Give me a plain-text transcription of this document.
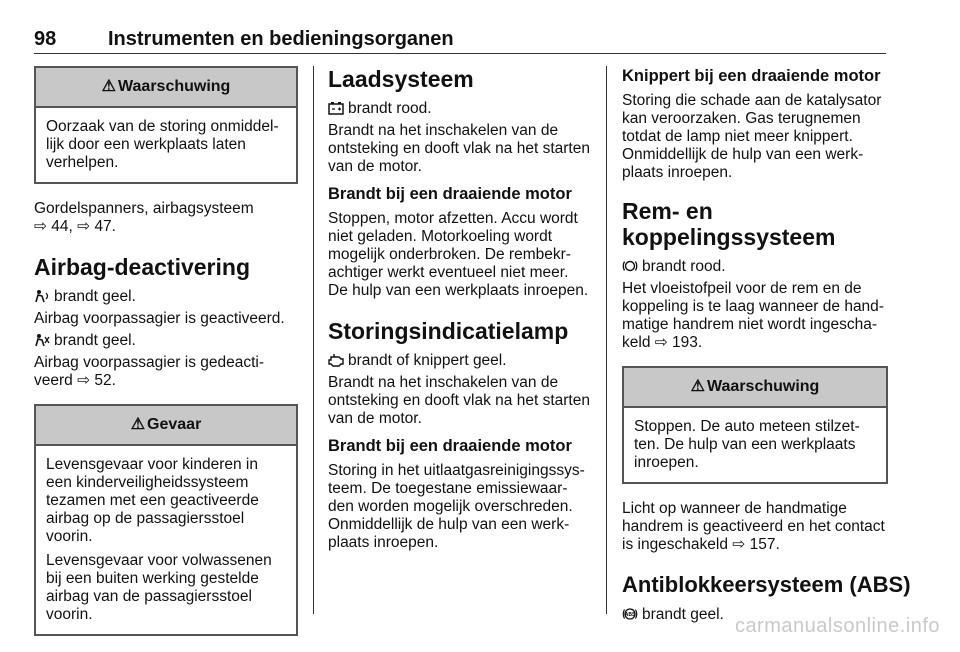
98	Instrumenten en bedieningsorganen
⚠ Waarschuwing

Oorzaak van de storing onmiddel-lijk door een werkplaats laten verhelpen.

Gordelspanners, airbagsysteem

⇨ 44, ⇨ 47.

Airbag-deactivering

brandt geel.

Airbag voorpassagier is geactiveerd.

brandt geel.

Airbag voorpassagier is gedeacti-veerd ⇨ 52.

⚠ Gevaar

Levensgevaar voor kinderen in een kinderveiligheidssysteem tezamen met een geactiveerde airbag op de passagiersstoel voorin.

Levensgevaar voor volwassenen bij een buiten werking gestelde airbag van de passagiersstoel voorin.

Laadsysteem

brandt rood.

Brandt na het inschakelen van de ontsteking en dooft vlak na het starten van de motor.

Brandt bij een draaiende motor

Stoppen, motor afzetten. Accu wordt niet geladen. Motorkoeling wordt mogelijk onderbroken. De rembekr-achtiger werkt eventueel niet meer. De hulp van een werkplaats inroepen.

Storingsindicatielamp

brandt of knippert geel.

Brandt na het inschakelen van de ontsteking en dooft vlak na het starten van de motor.

Brandt bij een draaiende motor

Storing in het uitlaatgasreinigingssys-teem. De toegestane emissiewaar-den worden mogelijk overschreden. Onmiddellijk de hulp van een werk-plaats inroepen.

Knippert bij een draaiende motor

Storing die schade aan de katalysator kan veroorzaken. Gas terugnemen totdat de lamp niet meer knippert. Onmiddellijk de hulp van een werk-plaats inroepen.

Rem- en
koppelingssysteem

brandt rood.

Het vloeistofpeil voor de rem en de koppeling is te laag wanneer de hand-matige handrem niet wordt ingescha-keld ⇨ 193.

⚠ Waarschuwing

Stoppen. De auto meteen stilzet-ten. De hulp van een werkplaats inroepen.

Licht op wanneer de handmatige handrem is geactiveerd en het contact is ingeschakeld ⇨ 157.

Antiblokkeersysteem (ABS)

ABS brandt geel.

carmanualsonline.info
